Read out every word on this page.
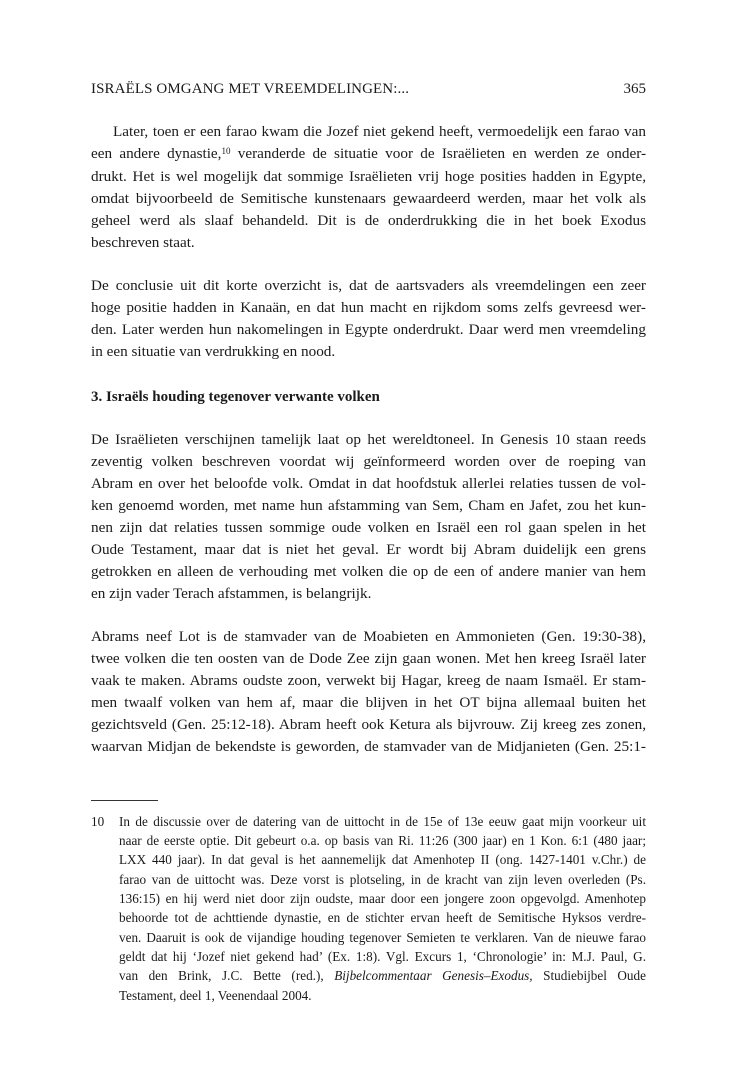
ISRAËLS OMGANG MET VREEMDELINGEN:...	365
Later, toen er een farao kwam die Jozef niet gekend heeft, vermoedelijk een farao van
een andere dynastie,$^{10}$ veranderde de situatie voor de Israëlieten en werden ze onder-
drukt. Het is wel mogelijk dat sommige Israëlieten vrij hoge posities hadden in Egypte,
omdat bijvoorbeeld de Semitische kunstenaars gewaardeerd werden, maar het volk als
geheel werd als slaaf behandeld. Dit is de onderdrukking die in het boek Exodus
beschreven staat.
De conclusie uit dit korte overzicht is, dat de aartsvaders als vreemdelingen een zeer
hoge positie hadden in Kanaän, en dat hun macht en rijkdom soms zelfs gevreesd wer-
den. Later werden hun nakomelingen in Egypte onderdrukt. Daar werd men vreemdeling
in een situatie van verdrukking en nood.
3. Israëls houding tegenover verwante volken
De Israëlieten verschijnen tamelijk laat op het wereldtoneel. In Genesis 10 staan reeds
zeventig volken beschreven voordat wij geïnformeerd worden over de roeping van
Abram en over het beloofde volk. Omdat in dat hoofdstuk allerlei relaties tussen de vol-
ken genoemd worden, met name hun afstamming van Sem, Cham en Jafet, zou het kun-
nen zijn dat relaties tussen sommige oude volken en Israël een rol gaan spelen in het
Oude Testament, maar dat is niet het geval. Er wordt bij Abram duidelijk een grens
getrokken en alleen de verhouding met volken die op de een of andere manier van hem
en zijn vader Terach afstammen, is belangrijk.
Abrams neef Lot is de stamvader van de Moabieten en Ammonieten (Gen. 19:30-38),
twee volken die ten oosten van de Dode Zee zijn gaan wonen. Met hen kreeg Israël later
vaak te maken. Abrams oudste zoon, verwekt bij Hagar, kreeg de naam Ismaël. Er stam-
men twaalf volken van hem af, maar die blijven in het OT bijna allemaal buiten het
gezichtsveld (Gen. 25:12-18). Abram heeft ook Ketura als bijvrouw. Zij kreeg zes zonen,
waarvan Midjan de bekendste is geworden, de stamvader van de Midjanieten (Gen. 25:1-
10 In de discussie over de datering van de uittocht in de 15e of 13e eeuw gaat mijn voorkeur uit
naar de eerste optie. Dit gebeurt o.a. op basis van Ri. 11:26 (300 jaar) en 1 Kon. 6:1 (480 jaar;
LXX 440 jaar). In dat geval is het aannemelijk dat Amenhotep II (ong. 1427-1401 v.Chr.) de
farao van de uittocht was. Deze vorst is plotseling, in de kracht van zijn leven overleden (Ps.
136:15) en hij werd niet door zijn oudste, maar door een jongere zoon opgevolgd. Amenhotep
behoorde tot de achttiende dynastie, en de stichter ervan heeft de Semitische Hyksos verdre-
ven. Daaruit is ook de vijandige houding tegenover Semieten te verklaren. Van de nieuwe farao
geldt dat hij ‘Jozef niet gekend had’ (Ex. 1:8). Vgl. Excurs 1, ‘Chronologie’ in: M.J. Paul, G.
van den Brink, J.C. Bette (red.), Bijbelcommentaar Genesis–Exodus, Studiebijbel Oude
Testament, deel 1, Veenendaal 2004.
